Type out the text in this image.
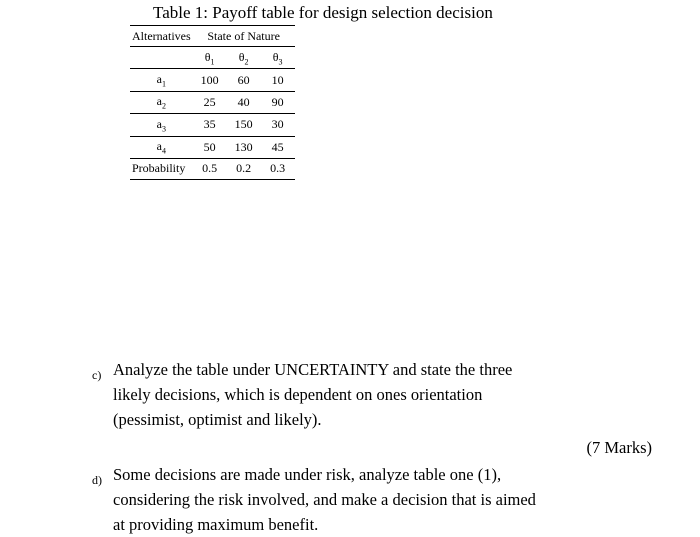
Table 1: Payoff table for design selection decision
Alternatives	State of Nature		
	$\theta_1$	$\theta_2$	$\theta_3$
$a_1$	100	60	10
$a_2$	25	40	90
$a_3$	35	150	30
$a_4$	50	130	45
Probability	0.5	0.2	0.3
c) Analyze the table under UNCERTAINTY and state the three
likely decisions, which is dependent on ones orientation
(pessimist, optimist and likely).
(7 Marks)
d) Some decisions are made under risk, analyze table one (1),
considering the risk involved, and make a decision that is aimed
at providing maximum benefit.
